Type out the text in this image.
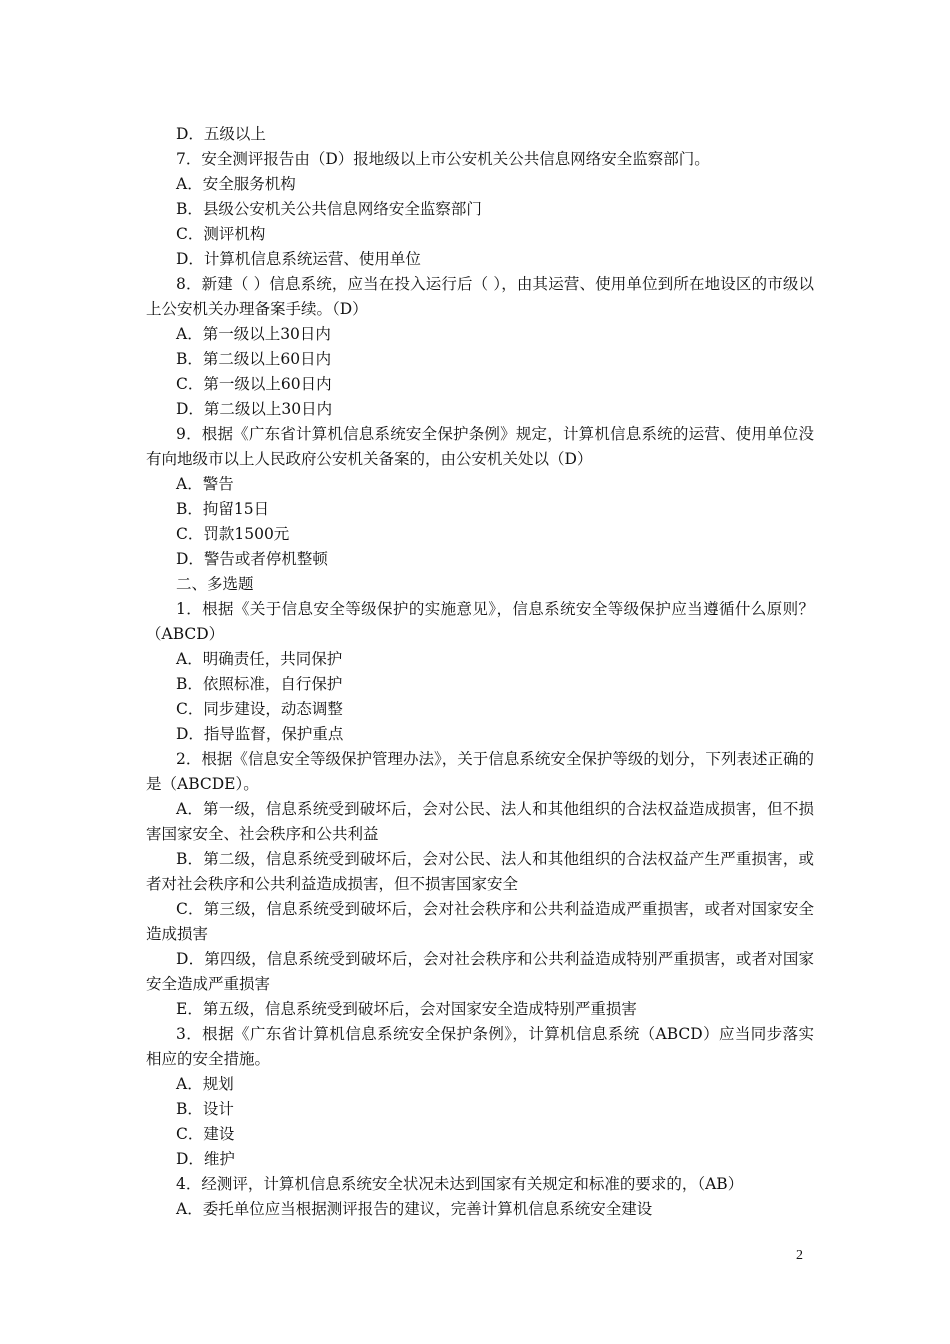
D．五级以上
7．安全测评报告由（D）报地级以上市公安机关公共信息网络安全监察部门。
A．安全服务机构
B．县级公安机关公共信息网络安全监察部门
C．测评机构
D．计算机信息系统运营、使用单位
8．新建（ ）信息系统，应当在投入运行后（ ），由其运营、使用单位到所在地设区的市级以上公安机关办理备案手续。（D）
A．第一级以上30日内
B．第二级以上60日内
C．第一级以上60日内
D．第二级以上30日内
9．根据《广东省计算机信息系统安全保护条例》规定，计算机信息系统的运营、使用单位没有向地级市以上人民政府公安机关备案的，由公安机关处以（D）
A．警告
B．拘留15日
C．罚款1500元
D．警告或者停机整顿
二、多选题
1．根据《关于信息安全等级保护的实施意见》，信息系统安全等级保护应当遵循什么原则？（ABCD）
A．明确责任，共同保护
B．依照标准，自行保护
C．同步建设，动态调整
D．指导监督，保护重点
2．根据《信息安全等级保护管理办法》，关于信息系统安全保护等级的划分，下列表述正确的是（ABCDE）。
A．第一级，信息系统受到破坏后，会对公民、法人和其他组织的合法权益造成损害，但不损害国家安全、社会秩序和公共利益
B．第二级，信息系统受到破坏后，会对公民、法人和其他组织的合法权益产生严重损害，或者对社会秩序和公共利益造成损害，但不损害国家安全
C．第三级，信息系统受到破坏后，会对社会秩序和公共利益造成严重损害，或者对国家安全造成损害
D．第四级，信息系统受到破坏后，会对社会秩序和公共利益造成特别严重损害，或者对国家安全造成严重损害
E．第五级，信息系统受到破坏后，会对国家安全造成特别严重损害
3．根据《广东省计算机信息系统安全保护条例》，计算机信息系统（ABCD）应当同步落实相应的安全措施。
A．规划
B．设计
C．建设
D．维护
4．经测评，计算机信息系统安全状况未达到国家有关规定和标准的要求的，（AB）
A．委托单位应当根据测评报告的建议，完善计算机信息系统安全建设
2
